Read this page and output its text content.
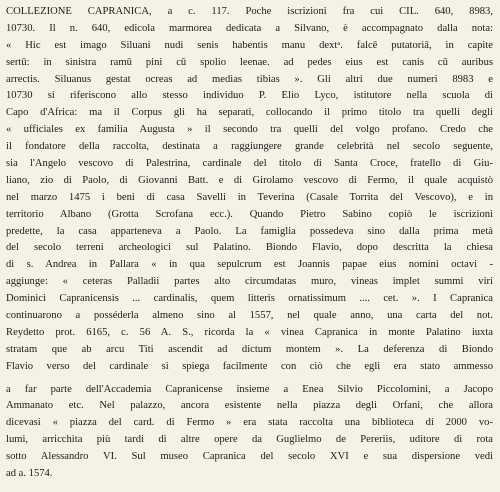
COLLEZIONE CAPRANICA, a c. 117. Poche iscrizioni fra cui CIL. 640, 8983,
10730. Il n. 640, edicola marmorea dedicata a Silvano, è accompagnato dalla nota:
« Hic est imago Siluani nudi senis habentis manu dextᵃ. falcē putatoriā, in capite
sertū: in sinistra ramū pini cū spolio leenae. ad pedes eius est canis cū auribus
arrectis. Siluanus gestat ocreas ad medias tibias ». Gli altri due numeri 8983 e
10730 si riferiscono allo stesso individuo P. Elio Lyco, istitutore nella scuola di
Capo d'Africa: ma il Corpus gli ha separati, collocando il primo titolo tra quelli degli
« ufficiales ex familia Augusta » il secondo tra quelli del volgo profano. Credo che
il fondatore della raccolta, destinata a raggiungere grande celebrità nel secolo seguente,
sia l'Angelo vescovo di Palestrina, cardinale del titolo di Santa Croce, fratello di Giu-
liano, zio di Paolo, di Giovanni Batt. e di Girolamo vescovo di Fermo, il quale acquistò
nel marzo 1475 i beni di casa Savelli in Teverina (Casale Torrita del Vescovo), e in
territorio Albano (Grotta Scrofana ecc.). Quando Pietro Sabino copiò le iscrizioni
predette, la casa apparteneva a Paolo. La famiglia possedeva sino dalla prima metà
del secolo terreni archeologici sul Palatino. Biondo Flavio, dopo descritta la chiesa
di s. Andrea in Pallara « in qua sepulcrum est Joannis papae eius nomini octavi -
aggiunge: « ceteras Palladii partes alto circumdatas muro, vineas implet summi viri
Dominici Capranicensis ... cardinalis, quem litteris ornatissimum .... cet. ». I Capranica
continuarono a posséderla almeno sino al 1557, nel quale anno, una carta del not.
Reydetto prot. 6165, c. 56 A. S., ricorda la « vinea Capranica in monte Palatino iuxta
stratam que ab arcu Titi ascendit ad dictum montem ». La deferenza di Biondo
Flavio verso del cardinale si spiega facilmente con ciò che egli era stato ammesso
a far parte dell'Accademia Capranicense insieme a Enea Silvio Piccolomini, a Jacopo
Ammanato etc. Nel palazzo, ancora esistente nella piazza degli Orfani, che allora
dicevasi « piazza del card. di Fermo » era stata raccolta una biblioteca di 2000 vo-
lumi, arricchita più tardi di altre opere da Guglielmo de Pereriis, uditore di rota
sotto Alessandro VI. Sul museo Capranica del secolo XVI e sua dispersione vedi
ad a. 1574.
